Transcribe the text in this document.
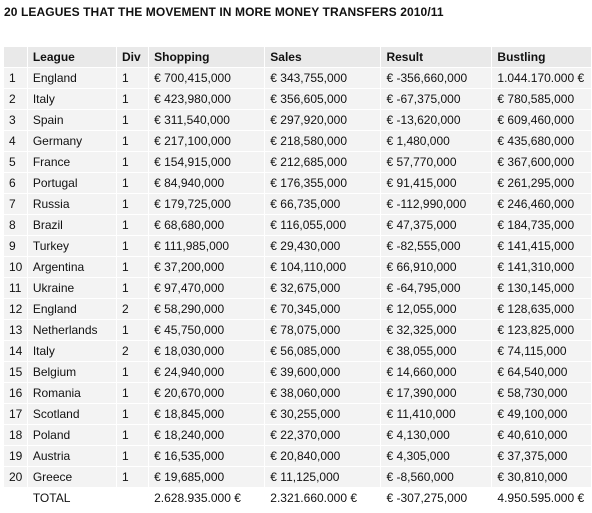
20 LEAGUES THAT THE MOVEMENT IN MORE MONEY TRANSFERS 2010/11
	League	Div	Shopping	Sales	Result	Bustling
1	England	1	€ 700,415,000	€ 343,755,000	€ -356,660,000	1.044.170.000 €
2	Italy	1	€ 423,980,000	€ 356,605,000	€ -67,375,000	€ 780,585,000
3	Spain	1	€ 311,540,000	€ 297,920,000	€ -13,620,000	€ 609,460,000
4	Germany	1	€ 217,100,000	€ 218,580,000	€ 1,480,000	€ 435,680,000
5	France	1	€ 154,915,000	€ 212,685,000	€ 57,770,000	€ 367,600,000
6	Portugal	1	€ 84,940,000	€ 176,355,000	€ 91,415,000	€ 261,295,000
7	Russia	1	€ 179,725,000	€ 66,735,000	€ -112,990,000	€ 246,460,000
8	Brazil	1	€ 68,680,000	€ 116,055,000	€ 47,375,000	€ 184,735,000
9	Turkey	1	€ 111,985,000	€ 29,430,000	€ -82,555,000	€ 141,415,000
10	Argentina	1	€ 37,200,000	€ 104,110,000	€ 66,910,000	€ 141,310,000
11	Ukraine	1	€ 97,470,000	€ 32,675,000	€ -64,795,000	€ 130,145,000
12	England	2	€ 58,290,000	€ 70,345,000	€ 12,055,000	€ 128,635,000
13	Netherlands	1	€ 45,750,000	€ 78,075,000	€ 32,325,000	€ 123,825,000
14	Italy	2	€ 18,030,000	€ 56,085,000	€ 38,055,000	€ 74,115,000
15	Belgium	1	€ 24,940,000	€ 39,600,000	€ 14,660,000	€ 64,540,000
16	Romania	1	€ 20,670,000	€ 38,060,000	€ 17,390,000	€ 58,730,000
17	Scotland	1	€ 18,845,000	€ 30,255,000	€ 11,410,000	€ 49,100,000
18	Poland	1	€ 18,240,000	€ 22,370,000	€ 4,130,000	€ 40,610,000
19	Austria	1	€ 16,535,000	€ 20,840,000	€ 4,305,000	€ 37,375,000
20	Greece	1	€ 19,685,000	€ 11,125,000	€ -8,560,000	€ 30,810,000
	TOTAL		2.628.935.000 €	2.321.660.000 €	€ -307,275,000	4.950.595.000 €
